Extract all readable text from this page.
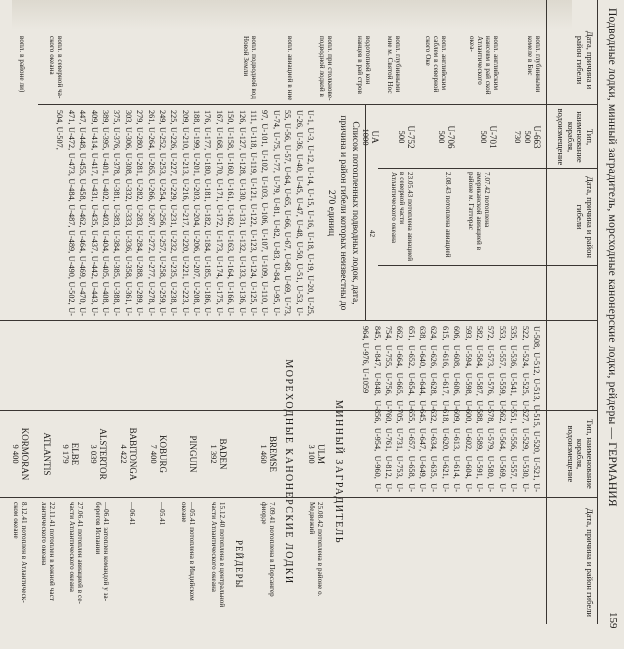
Подводные лодки, минный заградитель, морcходные канонерские лодки, рейдеры — ГЕРМАНИЯ
159
Дата, причина и район гибели
Тип, наименование корабля, водоизмещение
Дата, причина и район гибели
Тип, наименование корабля, водоизмещение
Дата, причина и район гибели
вопл. глубинными комеле в Бис
вопл. английским нансевм в рай ской Атлантического океа-
вопл. английским саблем в северной ского Оке
вопл. глубинными мие м. Святой Нос
водотопной кон нанцев в рай стров
вопл. при столкнове- подводной лодкой в
вопл. авиацией в ние
вопл. подводной вод Новой Земли
вопл. в северной ча- ского океана
вопл. в районе ли)
U-663
500
730
U-701
500
7.07.42 потоплена американской авиацией в районе м. Гаттерас
U-706
500
2.08.43 потоплена авиацией
U-752
500
23.05.43 потоплена авиацией в северной части Атлантического океана
UA
1000
42
Список потопленных подводных лодок, дата, причина и район гибели которых неизвестны до 270 единиц
U-1, U-3, U-12, U-14, U-15, U-16, U-18, U-19, U-20, U-25, U-26, U-36, U-40, U-45, U-47, U-48, U-50, U-51, U-53, U-55, U-56, U-57, U-64, U-65, U-66, U-67, U-68, U-69, U-73, U-74, U-75, U-77, U-79, U-81, U-82, U-83, U-84, U-95, U-97, U-101, U-102, U-103, U-106, U-107, U-109, U-110, U-111, U-118, U-119, U-121, U-122, U-123, U-124, U-125, U-126, U-127, U-128, U-130, U-131, U-132, U-133, U-136, U-150, U-158, U-160, U-161, U-162, U-163, U-164, U-166, U-167, U-168, U-170, U-171, U-172, U-173, U-174, U-175, U-176, U-177, U-180, U-181, U-182, U-184, U-185, U-186, U-188, U-199, U-201, U-203, U-204, U-206, U-207, U-208, U-209, U-210, U-213, U-216, U-217, U-220, U-221, U-223, U-225, U-226, U-227, U-229, U-231, U-232, U-235, U-238, U-249, U-252, U-253, U-254, U-256, U-257, U-258, U-259, U-261, U-264, U-265, U-266, U-267, U-272, U-277, U-278, U-279, U-280, U-281, U-282, U-283, U-284, U-288, U-289, U-303, U-306, U-308, U-332, U-333, U-336, U-358, U-361, U-375, U-376, U-378, U-381, U-383, U-384, U-385, U-388, U-389, U-395, U-401, U-402, U-403, U-404, U-405, U-408, U-409, U-414, U-417, U-431, U-435, U-437, U-442, U-443, U-447, U-448, U-455, U-458, U-462, U-464, U-469, U-470, U-471, U-472, U-473, U-484, U-487, U-489, U-490, U-502, U-504, U-507,
U-508, U-512, U-513, U-515, U-520, U-521, U-522, U-524, U-525, U-527, U-529, U-530, U-535, U-536, U-541, U-551, U-556, U-557, U-553, U-557, U-559, U-562, U-564, U-569, U-572, U-573, U-576, U-578, U-579, U-580, U-582, U-584, U-587, U-588, U-589, U-591, U-593, U-594, U-598, U-600, U-602, U-604, U-606, U-608, U-606, U-609, U-613, U-614, U-615, U-616, U-617, U-618, U-620, U-621, U-624, U-626, U-628, U-632, U-634, U-635, U-638, U-640, U-644, U-645, U-647, U-649, U-651, U-652, U-654, U-655, U-657, U-658, U-662, U-664, U-665, U-705, U-731, U-753, U-754, U-755, U-756, U-760, U-761, U-812, U-845, U-847, U-848, U-856, U-954, U-960, U-964, U-976, U-1059
МИННЫЙ ЗАГРАДИТЕЛЬ
ULM
3 100
25.08.42 потоплена в районе о. Медвежий
МОРЕХОДНЫЕ КАНОНЕРСКИЕ ЛОДКИ
BREMSE
1 460
7.09.41 потоплена в Порсангер фиорде
РЕЙДЕРЫ
BADEN
1 392
15.12.40 потоплена в центральной части Атлантического океана
PINGUIN
—05.41 потоплена в Индийском океане
KOBURG
7 400
—05.41
BABITONGA
4 422
—06.41
ALSTERTOR
3 039
—06.41 затоплен командой у за- берегов Испании
ELBE
9 179
27.06.41 потоплен авиацией в се- части Атлантического океана
ATLANTIS
22.11.41 потоплен в южной част лантического океана
KORMORAN
9 400
8.12.41 потоплен в Атлантическ- ском океане
